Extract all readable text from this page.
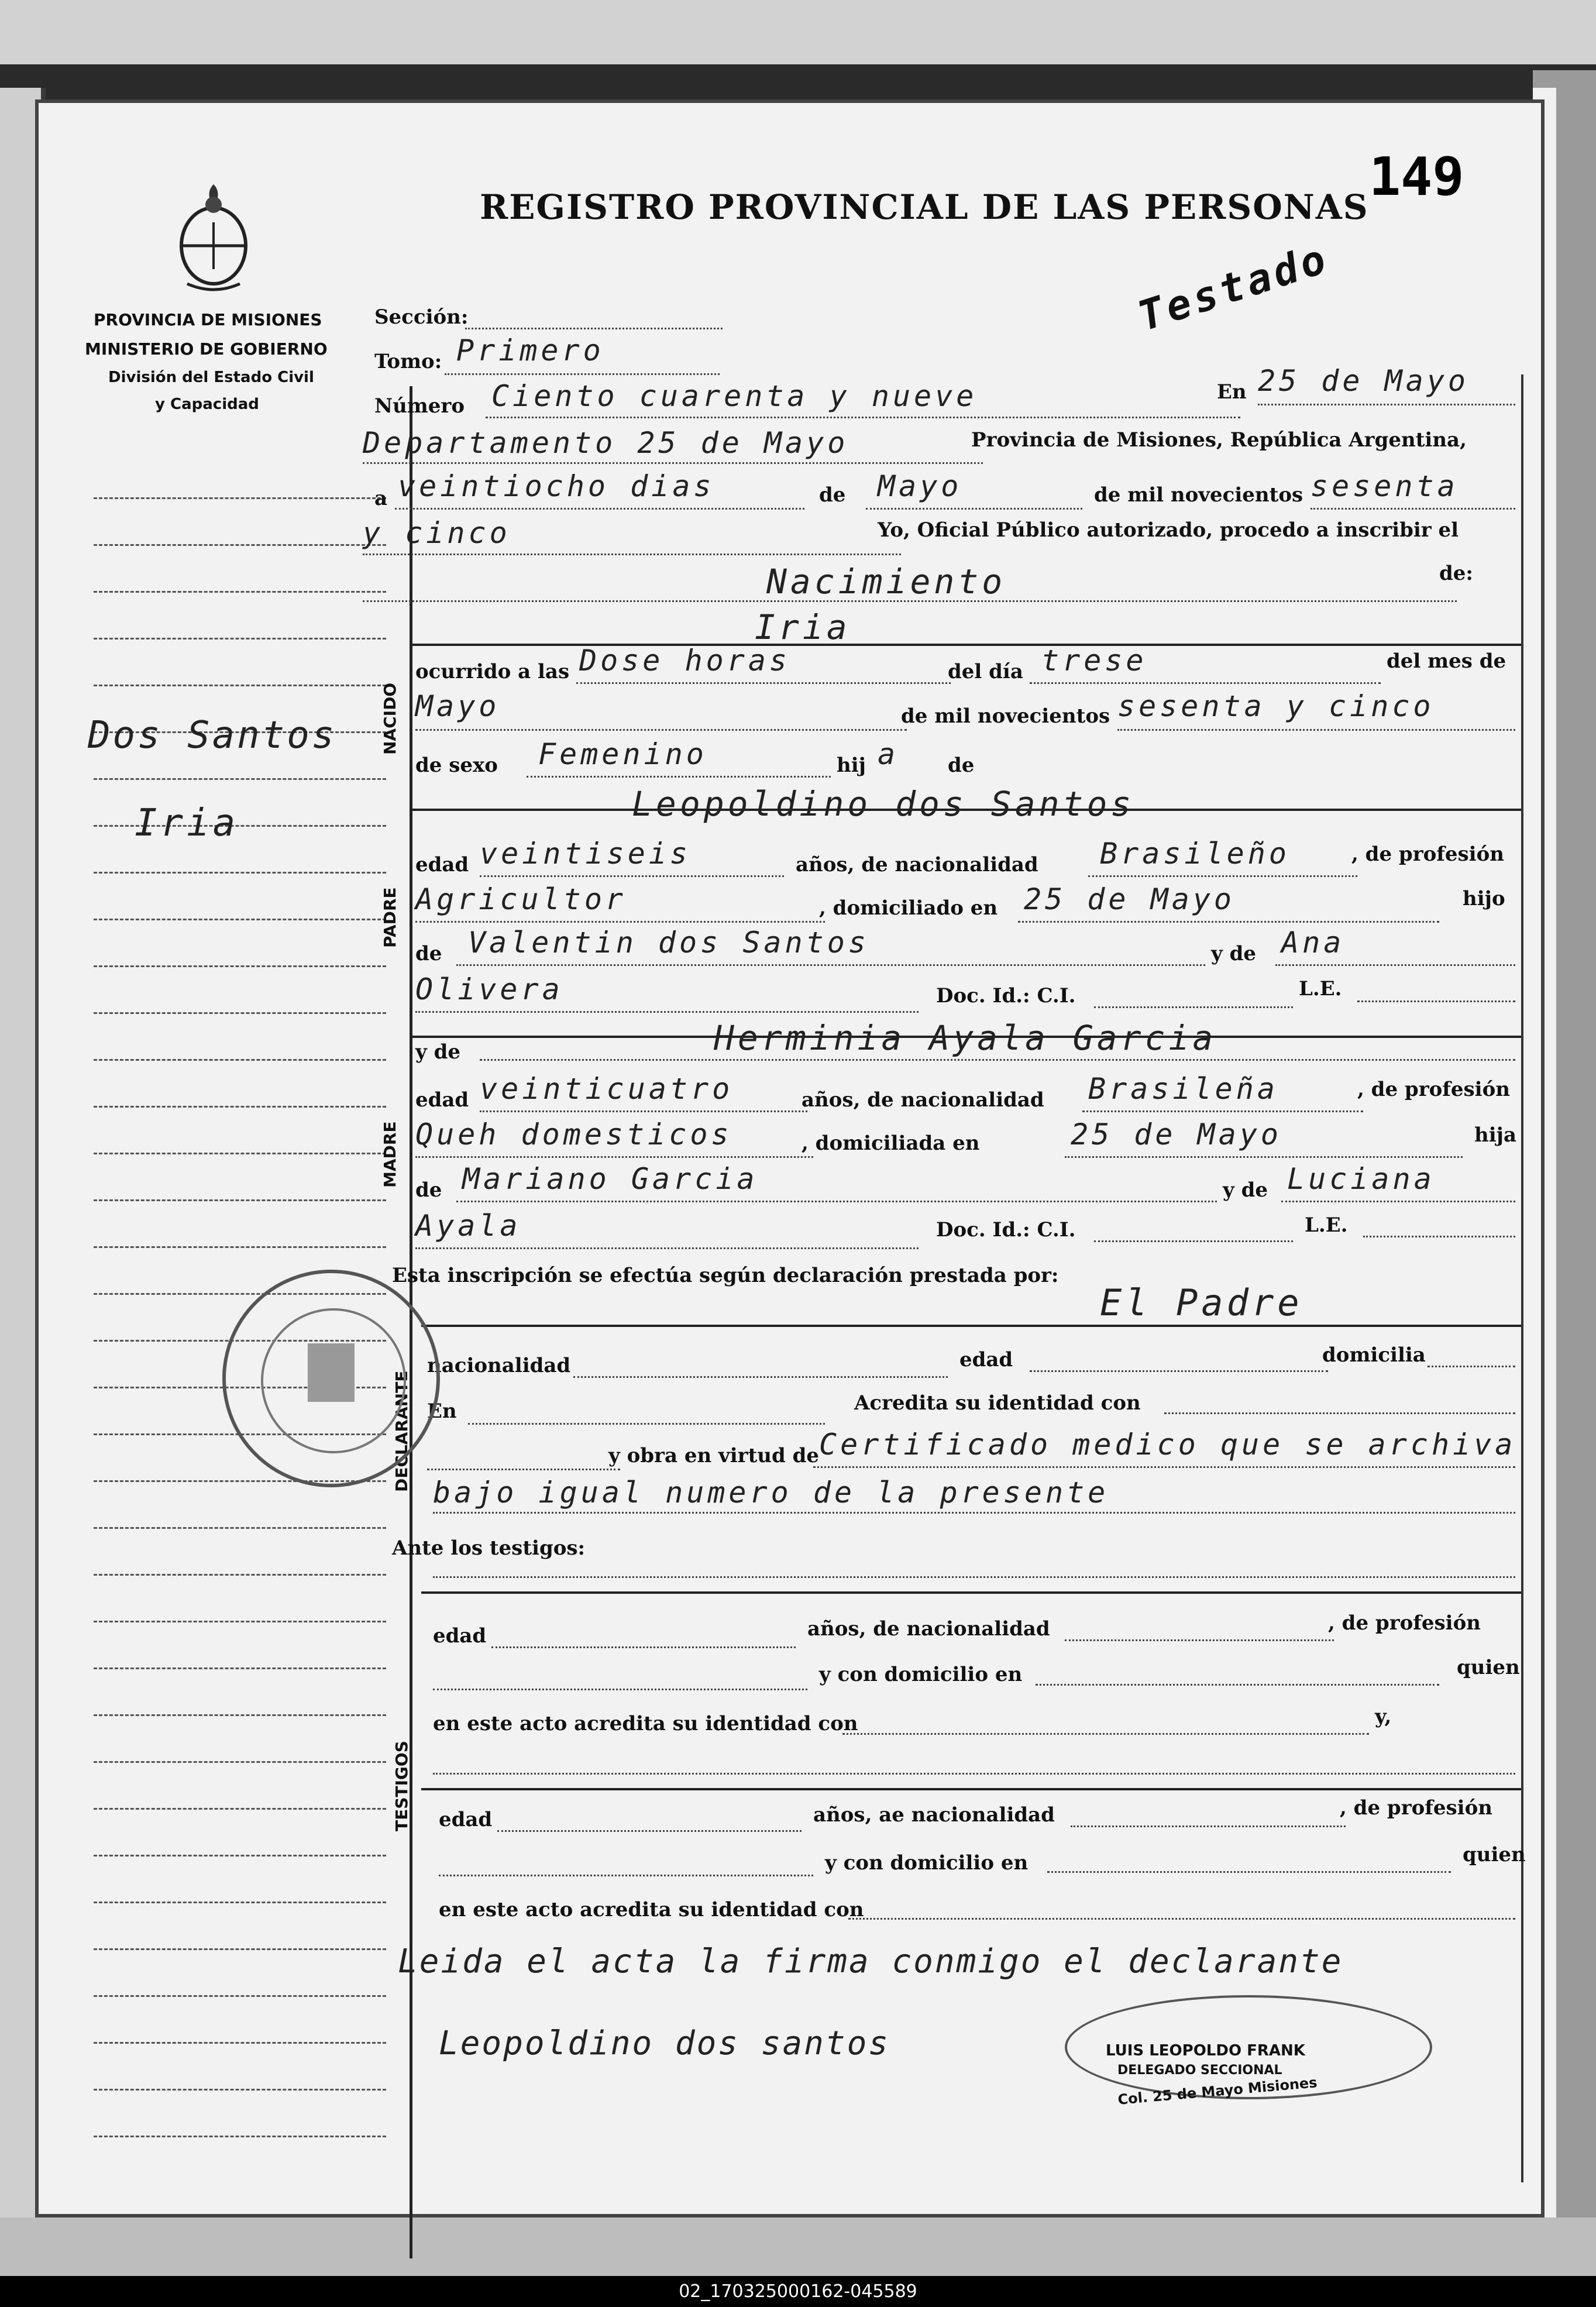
PROVINCIA DE MISIONES
MINISTERIO DE GOBIERNO
División del Estado Civil
y Capacidad
REGISTRO PROVINCIAL DE LAS PERSONAS 149
Testado
Dos Santos
Iria
Sección:
Tomo: Primero
Número Ciento cuarenta y nueve	En 25 de Mayo
Departamento 25 de Mayo	Provincia de Misiones, República Argentina,
a veintiocho dias	de Mayo	de mil novecientos sesenta
y cinco	Yo, Oficial Público autorizado, procedo a inscribir el
Nacimiento	de:
Iria
NACIDO
ocurrido a las Dose horas	del día trese	del mes de
Mayo	de mil novecientos sesenta y cinco
de sexo Femenino	hij a de
Leopoldino dos Santos
PADRE
edad veintiseis	años, de nacionalidad Brasileño	, de profesión
Agricultor	, domiciliado en 25 de Mayo	hijo
de Valentin dos Santos	y de Ana
Olivera	Doc. Id.: C.I.	L.E.
y de	Herminia Ayala Garcia
MADRE
edad veinticuatro	años, de nacionalidad Brasileña	, de profesión
Queh domesticos	, domiciliada en	25 de Mayo	hija
de Mariano Garcia	y de Luciana
Ayala	Doc. Id.: C.I.	L.E.
Esta inscripción se efectúa según declaración prestada por:
El Padre
DECLARANTE
nacionalidad	edad	domicilia
En	Acredita su identidad con
y obra en virtud de Certificado medico que se archiva
bajo igual numero de la presente
Ante los testigos:
TESTIGOS
edad	años, de nacionalidad	, de profesión
y con domicilio en	quien
en este acto acredita su identidad con	y,
edad	años, ae nacionalidad	, de profesión
y con domicilio en	quien
en este acto acredita su identidad con
Leida el acta la firma conmigo el declarante
Leopoldino dos santos	LUIS LEOPOLDO FRANK
DELEGADO SECCIONAL
Col. 25 de Mayo Misiones
02_170325000162-045589
